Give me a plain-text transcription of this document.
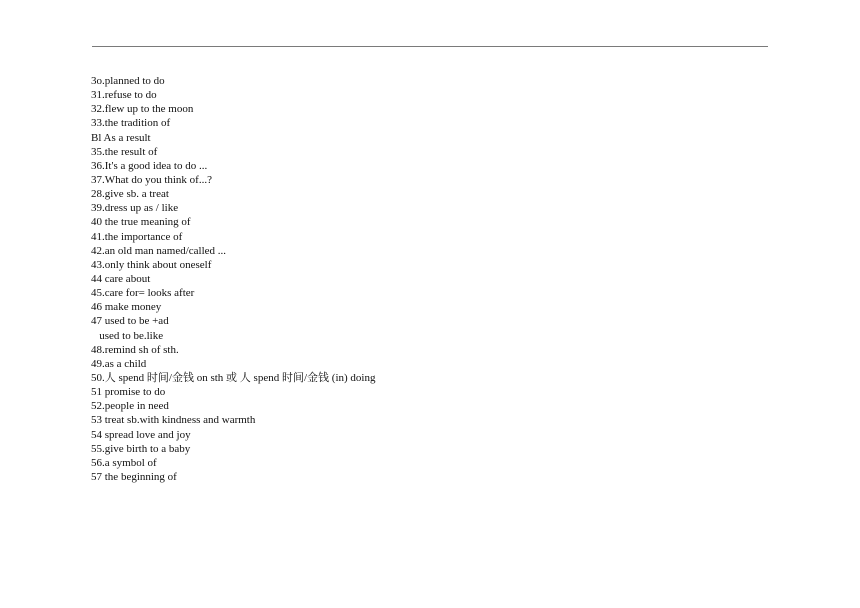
3o.planned to do
31.refuse to do
32.flew up to the moon
33.the tradition of
Bl As a result
35.the result of
36.It's a good idea to do ...
37.What do you think of...?
28.give sb. a treat
39.dress up as / like
40 the true meaning of
41.the importance of
42.an old man named/called ...
43.only think about oneself
44 care about
45.care for= looks after
46 make money
47 used to be +ad
used to be.like
48.remind sh of sth.
49.as a child
50.人 spend 时间/金钱 on sth 或 人 spend 时间/金钱 (in) doing
51 promise to do
52.people in need
53 treat sb.with kindness and warmth
54 spread love and joy
55.give birth to a baby
56.a symbol of
57 the beginning of
